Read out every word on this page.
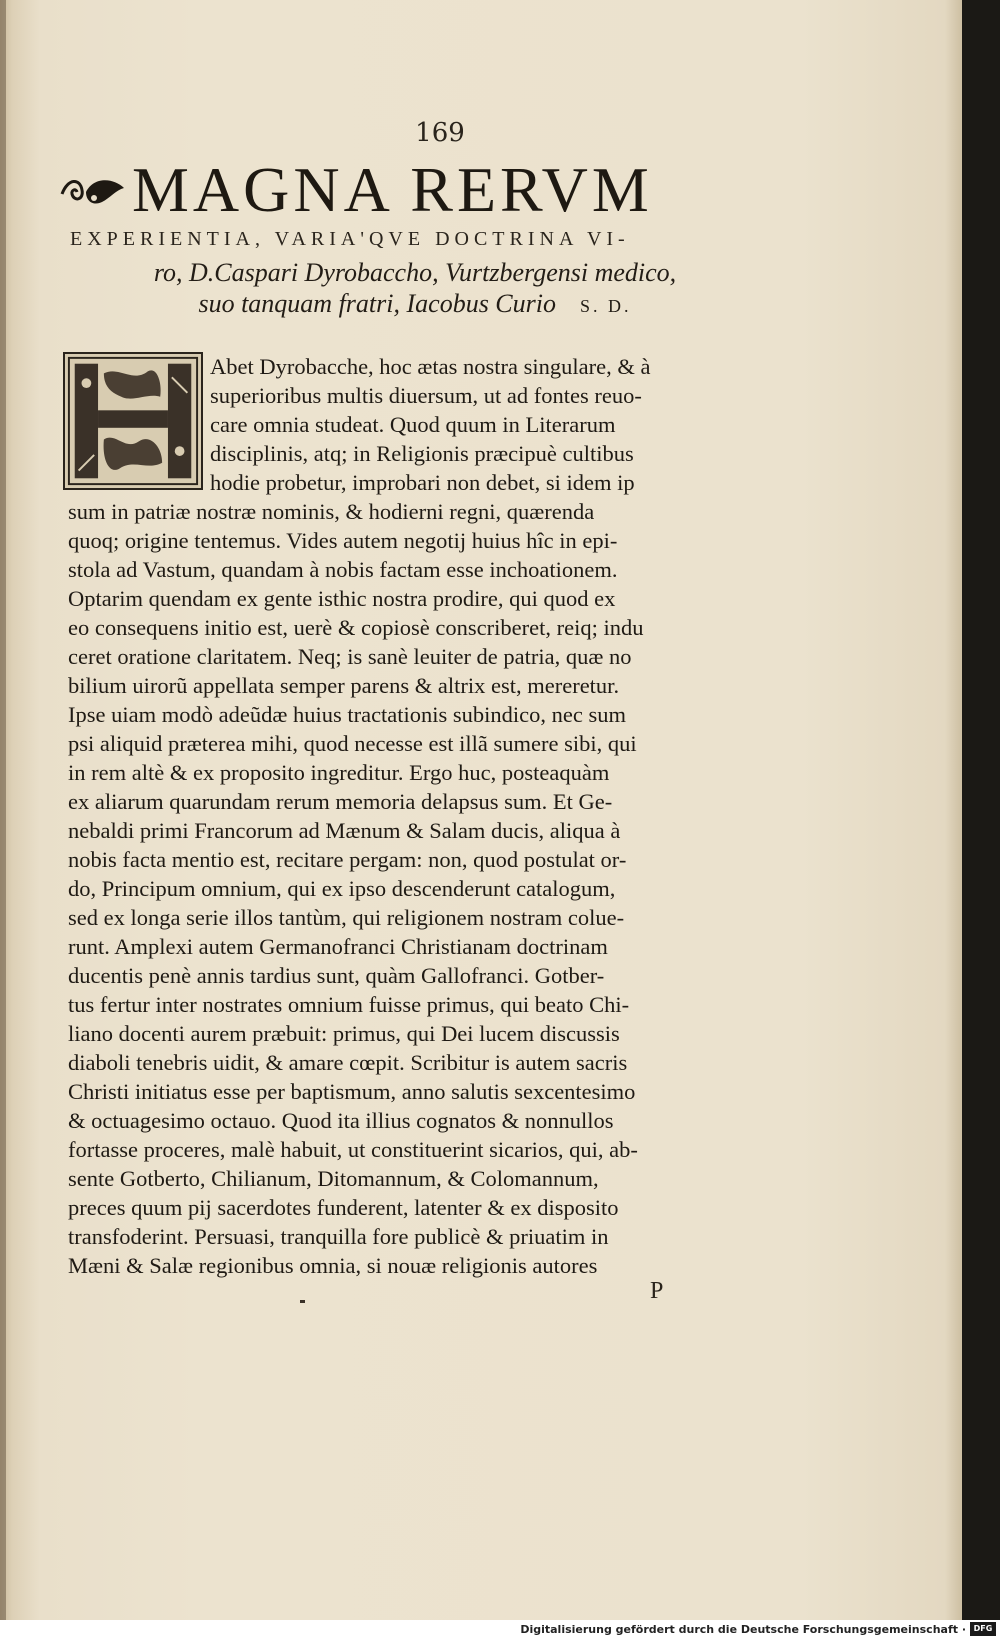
169
MAGNA RERVM
EXPERIENTIA, VARIA'QVE DOCTRINA VI-
ro, D.Caspari Dyrobaccho, Vurtzbergensi medico,
suo tanquam fratri, Iacobus Curio S. D.
Abet Dyrobacche, hoc ætas nostra singulare, & à
superioribus multis diuersum, ut ad fontes reuo-
care omnia studeat. Quod quum in Literarum
disciplinis, atq; in Religionis præcipuè cultibus
hodie probetur, improbari non debet, si idem ip
sum in patriæ nostræ nominis, & hodierni regni, quærenda
quoq; origine tentemus. Vides autem negotij huius hîc in epi-
stola ad Vastum, quandam à nobis factam esse inchoationem.
Optarim quendam ex gente isthic nostra prodire, qui quod ex
eo consequens initio est, uerè & copiosè conscriberet, reiq; indu
ceret oratione claritatem. Neq; is sanè leuiter de patria, quæ no
bilium uirorũ appellata semper parens & altrix est, mereretur.
Ipse uiam modò adeũdæ huius tractationis subindico, nec sum
psi aliquid præterea mihi, quod necesse est illã sumere sibi, qui
in rem altè & ex proposito ingreditur. Ergo huc, posteaquàm
ex aliarum quarundam rerum memoria delapsus sum. Et Ge-
nebaldi primi Francorum ad Mænum & Salam ducis, aliqua à
nobis facta mentio est, recitare pergam: non, quod postulat or-
do, Principum omnium, qui ex ipso descenderunt catalogum,
sed ex longa serie illos tantùm, qui religionem nostram colue-
runt. Amplexi autem Germanofranci Christianam doctrinam
ducentis penè annis tardius sunt, quàm Gallofranci. Gotber-
tus fertur inter nostrates omnium fuisse primus, qui beato Chi-
liano docenti aurem præbuit: primus, qui Dei lucem discussis
diaboli tenebris uidit, & amare cœpit. Scribitur is autem sacris
Christi initiatus esse per baptismum, anno salutis sexcentesimo
& octuagesimo octauo. Quod ita illius cognatos & nonnullos
fortasse proceres, malè habuit, ut constituerint sicarios, qui, ab-
sente Gotberto, Chilianum, Ditomannum, & Colomannum,
preces quum pij sacerdotes funderent, latenter & ex disposito
transfoderint. Persuasi, tranquilla fore publicè & priuatim in
Mæni & Salæ regionibus omnia, si nouæ religionis autores
P
Digitalisierung gefördert durch die Deutsche Forschungsgemeinschaft · DFG
